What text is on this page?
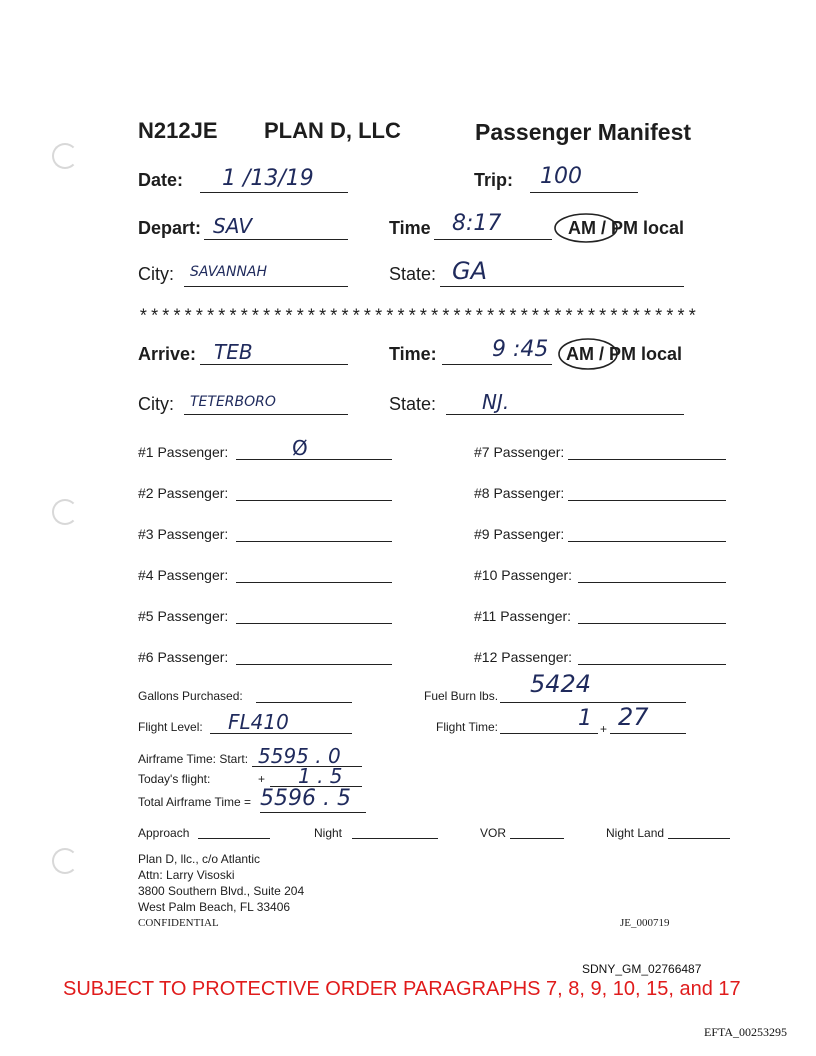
N212JE PLAN D, LLC	Passenger Manifest
Date: 1 /13/19	Trip: 100
Depart: SAV	Time 8:17	AM / PM local
City: SAVANNAH	State: GA
**************************************************
Arrive: TEB	Time:	9 :45 AM / PM local
City: TETERBORO	State: NJ.
#1 Passenger:	Ø
#2 Passenger:
#3 Passenger:
#4 Passenger:
#5 Passenger:
#6 Passenger:
#7 Passenger:
#8 Passenger:
#9 Passenger:
#10 Passenger:
#11 Passenger:
#12 Passenger:
Gallons Purchased:	Fuel Burn lbs. 5424
Flight Level: FL410	Flight Time:	1 + 27
Airframe Time: Start: 5595 . 0
Today's flight:	+ 1 . 5
Total Airframe Time = 5596 . 5
Approach	Night	VOR	Night Land
Plan D, llc., c/o Atlantic
Attn: Larry Visoski
3800 Southern Blvd., Suite 204
West Palm Beach, FL 33406
CONFIDENTIAL	JE_000719
SDNY_GM_02766487
SUBJECT TO PROTECTIVE ORDER PARAGRAPHS 7, 8, 9, 10, 15, and 17
EFTA_00253295
